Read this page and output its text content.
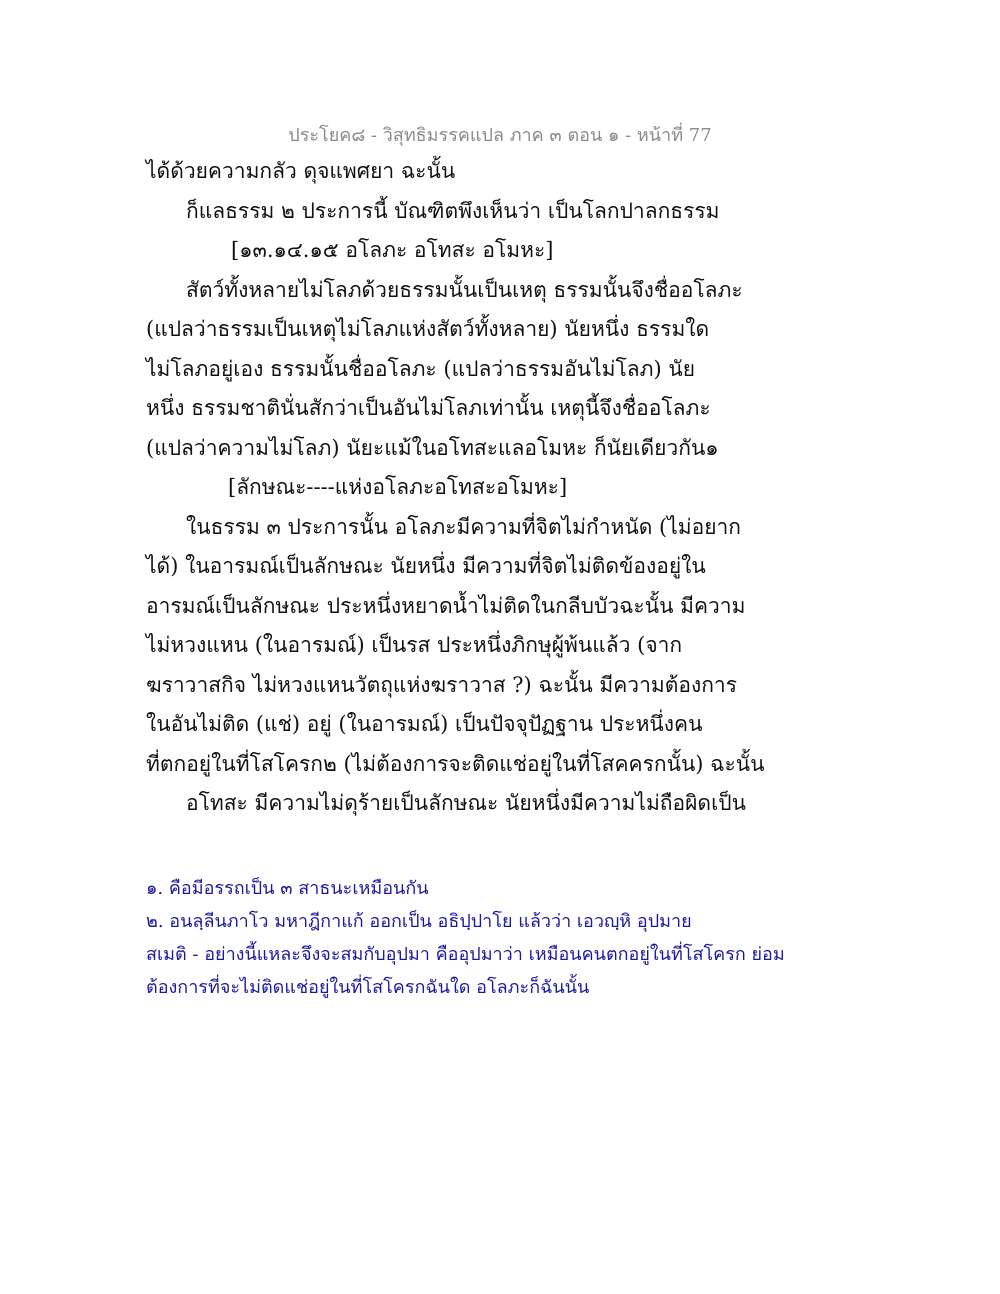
ประโยค๘ - วิสุทธิมรรคแปล ภาค ๓ ตอน ๑ - หน้าที่ 77
ได้ด้วยความกลัว ดุจแพศยา ฉะนั้น
ก็แลธรรม ๒ ประการนี้ บัณฑิตพึงเห็นว่า เป็นโลกปาลกธรรม
[๑๓.๑๔.๑๕ อโลภะ อโทสะ อโมหะ]
สัตว์ทั้งหลายไม่โลภด้วยธรรมนั้นเป็นเหตุ ธรรมนั้นจึงชื่ออโลภะ
(แปลว่าธรรมเป็นเหตุไม่โลภแห่งสัตว์ทั้งหลาย) นัยหนึ่ง ธรรมใด
ไม่โลภอยู่เอง ธรรมนั้นชื่ออโลภะ (แปลว่าธรรมอันไม่โลภ) นัย
หนึ่ง ธรรมชาตินั่นสักว่าเป็นอันไม่โลภเท่านั้น เหตุนี้จึงชื่ออโลภะ
(แปลว่าความไม่โลภ) นัยะแม้ในอโทสะแลอโมหะ ก็นัยเดียวกัน๑
[ลักษณะ----แห่งอโลภะอโทสะอโมหะ]
ในธรรม ๓ ประการนั้น อโลภะมีความที่จิตไม่กำหนัด (ไม่อยาก
ได้) ในอารมณ์เป็นลักษณะ นัยหนึ่ง มีความที่จิตไม่ติดข้องอยู่ใน
อารมณ์เป็นลักษณะ ประหนึ่งหยาดน้ำไม่ติดในกลีบบัวฉะนั้น มีความ
ไม่หวงแหน (ในอารมณ์) เป็นรส ประหนึ่งภิกษุผู้พ้นแล้ว (จาก
ฆราวาสกิจ ไม่หวงแหนวัตถุแห่งฆราวาส ?) ฉะนั้น มีความต้องการ
ในอันไม่ติด (แช่) อยู่ (ในอารมณ์) เป็นปัจจุปัฏฐาน ประหนึ่งคน
ที่ตกอยู่ในที่โสโครก๒ (ไม่ต้องการจะติดแช่อยู่ในที่โสคครกนั้น) ฉะนั้น
อโทสะ มีความไม่ดุร้ายเป็นลักษณะ นัยหนึ่งมีความไม่ถือผิดเป็น
๑. คือมีอรรถเป็น ๓ สาธนะเหมือนกัน
๒. อนลฺลีนภาโว มหาฎีกาแก้ ออกเป็น อธิปฺปาโย แล้วว่า เอวญฺหิ อุปมาย
สเมติ - อย่างนี้แหละจึงจะสมกับอุปมา คืออุปมาว่า เหมือนคนตกอยู่ในที่โสโครก ย่อม
ต้องการที่จะไม่ติดแช่อยู่ในที่โสโครกฉันใด อโลภะก็ฉันนั้น
